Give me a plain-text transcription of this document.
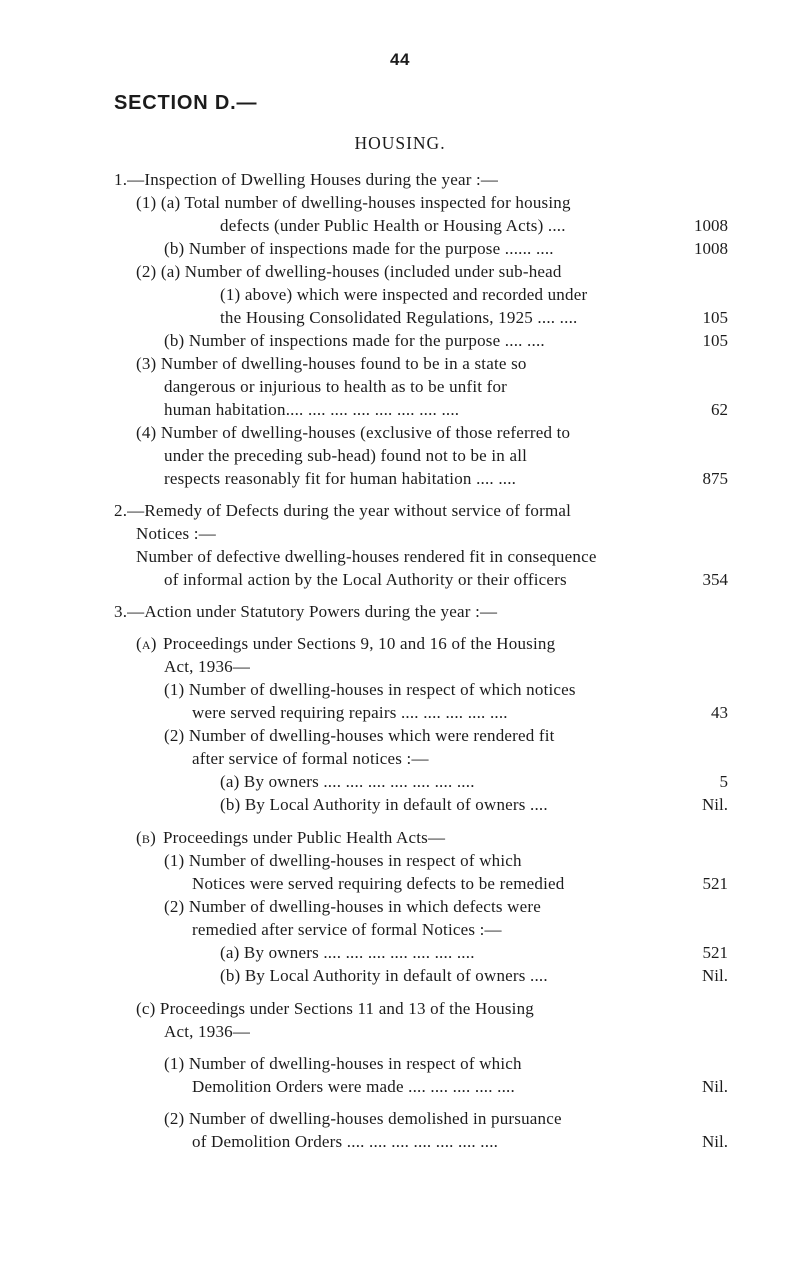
44
SECTION D.—
HOUSING.
1.—Inspection of Dwelling Houses during the year :—
(1) (a) Total number of dwelling-houses inspected for housing
defects (under Public Health or Housing Acts) ....	1008
(b) Number of inspections made for the purpose ...... ....	1008
(2) (a) Number of dwelling-houses (included under sub-head
(1) above) which were inspected and recorded under
the Housing Consolidated Regulations, 1925 .... ....	105
(b) Number of inspections made for the purpose .... ....	105
(3) Number of dwelling-houses found to be in a state so
dangerous or injurious to health as to be unfit for
human habitation.... .... .... .... .... .... .... ....	62
(4) Number of dwelling-houses (exclusive of those referred to
under the preceding sub-head) found not to be in all
respects reasonably fit for human habitation .... ....	875
2.—Remedy of Defects during the year without service of formal
Notices :—
Number of defective dwelling-houses rendered fit in consequence
of informal action by the Local Authority or their officers	354
3.—Action under Statutory Powers during the year :—
(a) Proceedings under Sections 9, 10 and 16 of the Housing
Act, 1936—
(1) Number of dwelling-houses in respect of which notices
were served requiring repairs .... .... .... .... ....	43
(2) Number of dwelling-houses which were rendered fit
after service of formal notices :—
(a) By owners .... .... .... .... .... .... ....	5
(b) By Local Authority in default of owners ....	Nil.
(b) Proceedings under Public Health Acts—
(1) Number of dwelling-houses in respect of which
Notices were served requiring defects to be remedied	521
(2) Number of dwelling-houses in which defects were
remedied after service of formal Notices :—
(a) By owners .... .... .... .... .... .... ....	521
(b) By Local Authority in default of owners ....	Nil.
(c) Proceedings under Sections 11 and 13 of the Housing
Act, 1936—
(1) Number of dwelling-houses in respect of which
Demolition Orders were made .... .... .... .... ....	Nil.
(2) Number of dwelling-houses demolished in pursuance
of Demolition Orders .... .... .... .... .... .... ....	Nil.
